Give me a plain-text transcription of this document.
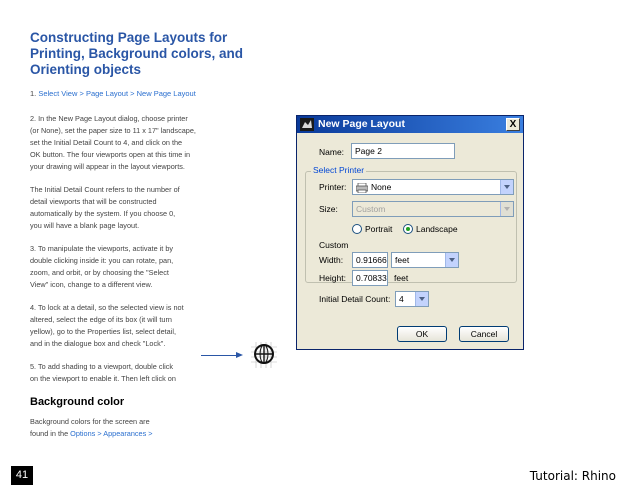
Constructing Page Layouts for Printing, Background colors, and Orienting objects

1. Select View > Page Layout > New Page Layout

2. In the New Page Layout dialog, choose printer
(or None), set the paper size to 11 x 17" landscape,
set the Initial Detail Count to 4, and click on the
OK button. The four viewports open at this time in
your drawing will appear in the layout viewports.

The Initial Detail Count refers to the number of
detail viewports that will be constructed
automatically by the system. If you choose 0,
you will have a blank page layout.

3. To manipulate the viewports, activate it by
double clicking inside it: you can rotate, pan,
zoom, and orbit, or by choosing the "Select
View" icon, change to a different view.

4. To lock at a detail, so the selected view is not
altered, select the edge of its box (it will turn
yellow), go to the Properties list, select detail,
and in the dialogue box and check "Lock".

5. To add shading to a viewport, double click
on the viewport to enable it. Then left click on

Background color

Background colors for the screen are
found in the Options > Appearances >

New Page Layout	X
Name:	Page 2
Select Printer
Printer:	None
Size:	Custom
Portrait	Landscape
Custom
Width:	0.91666 feet
Height:	0.70833 feet
Initial Detail Count:	4
OK	Cancel
41	Tutorial: Rhino
